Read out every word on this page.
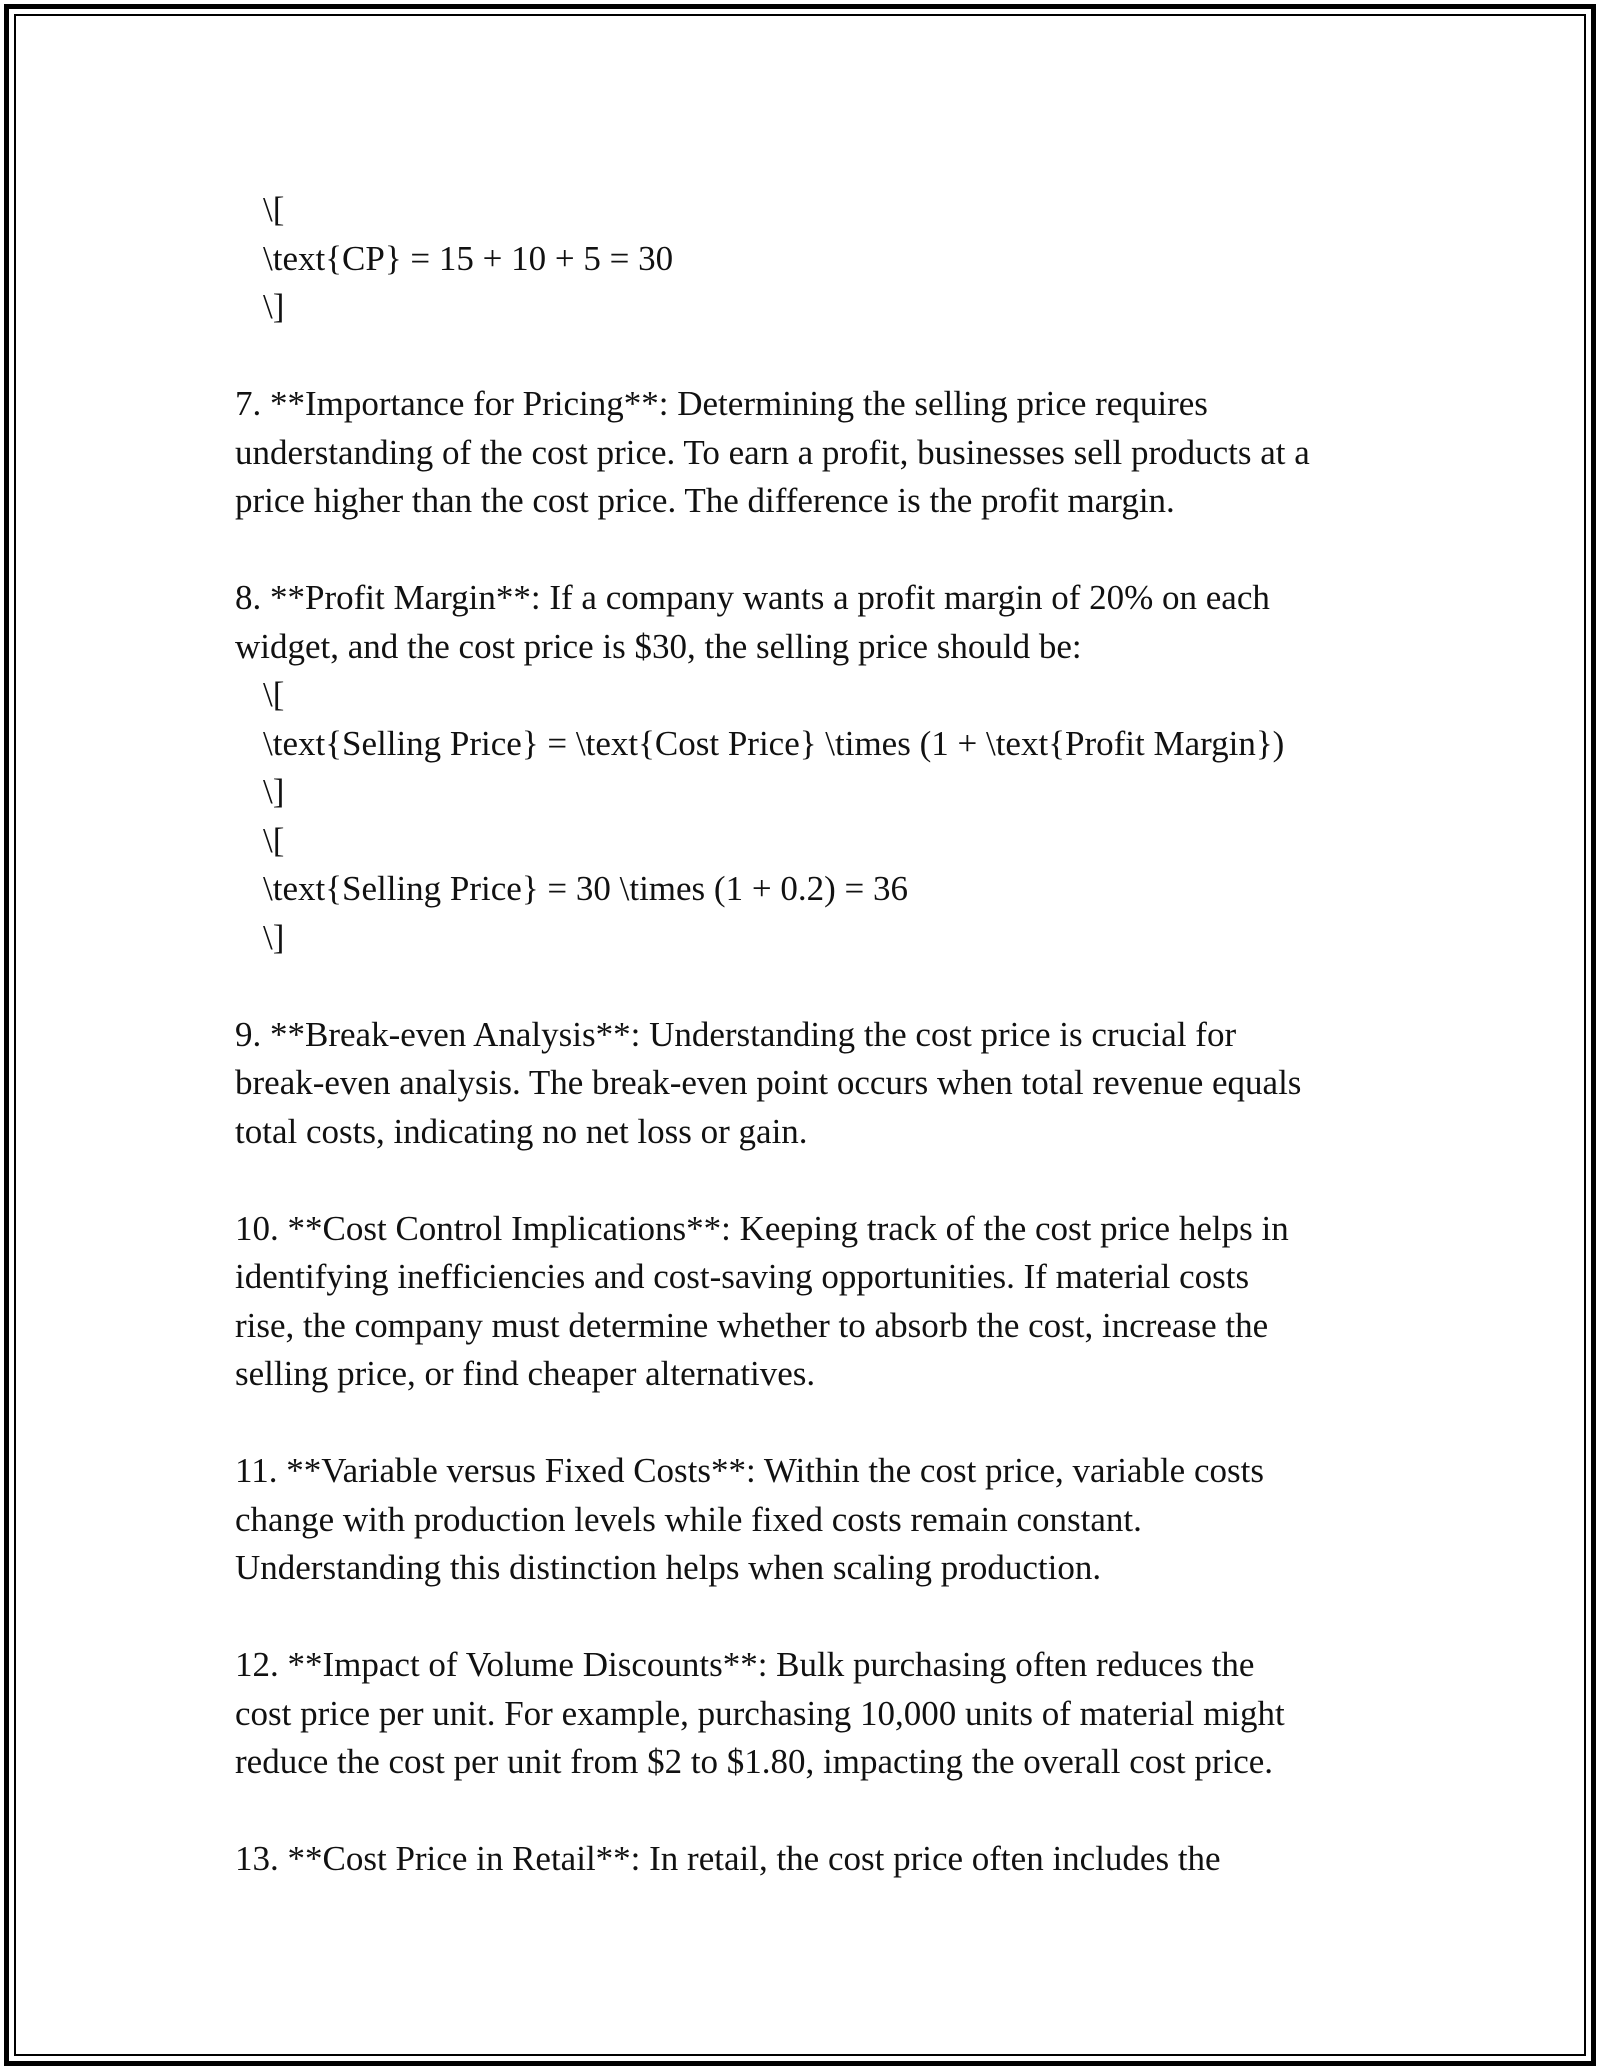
\[
\text{CP} = 15 + 10 + 5 = 30
\]
7. **Importance for Pricing**: Determining the selling price requires
understanding of the cost price. To earn a profit, businesses sell products at a
price higher than the cost price. The difference is the profit margin.
8. **Profit Margin**: If a company wants a profit margin of 20% on each
widget, and the cost price is $30, the selling price should be:
\[
\text{Selling Price} = \text{Cost Price} \times (1 + \text{Profit Margin})
\]
\[
\text{Selling Price} = 30 \times (1 + 0.2) = 36
\]
9. **Break-even Analysis**: Understanding the cost price is crucial for
break-even analysis. The break-even point occurs when total revenue equals
total costs, indicating no net loss or gain.
10. **Cost Control Implications**: Keeping track of the cost price helps in
identifying inefficiencies and cost-saving opportunities. If material costs
rise, the company must determine whether to absorb the cost, increase the
selling price, or find cheaper alternatives.
11. **Variable versus Fixed Costs**: Within the cost price, variable costs
change with production levels while fixed costs remain constant.
Understanding this distinction helps when scaling production.
12. **Impact of Volume Discounts**: Bulk purchasing often reduces the
cost price per unit. For example, purchasing 10,000 units of material might
reduce the cost per unit from $2 to $1.80, impacting the overall cost price.
13. **Cost Price in Retail**: In retail, the cost price often includes the
